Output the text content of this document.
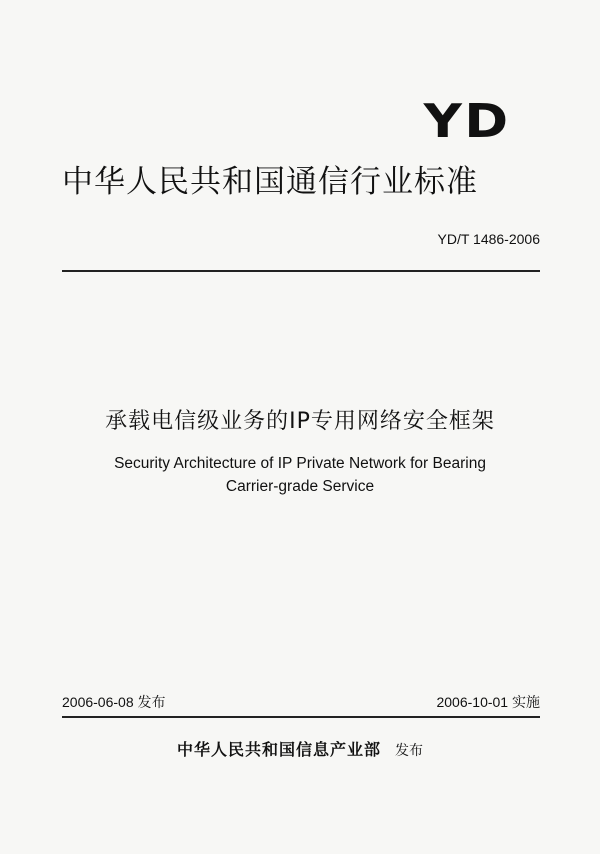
YD
中华人民共和国通信行业标准
YD/T 1486-2006
承载电信级业务的IP专用网络安全框架
Security Architecture of IP Private Network for Bearing
Carrier-grade Service
2006-06-08 发布	2006-10-01 实施
中华人民共和国信息产业部 发布
